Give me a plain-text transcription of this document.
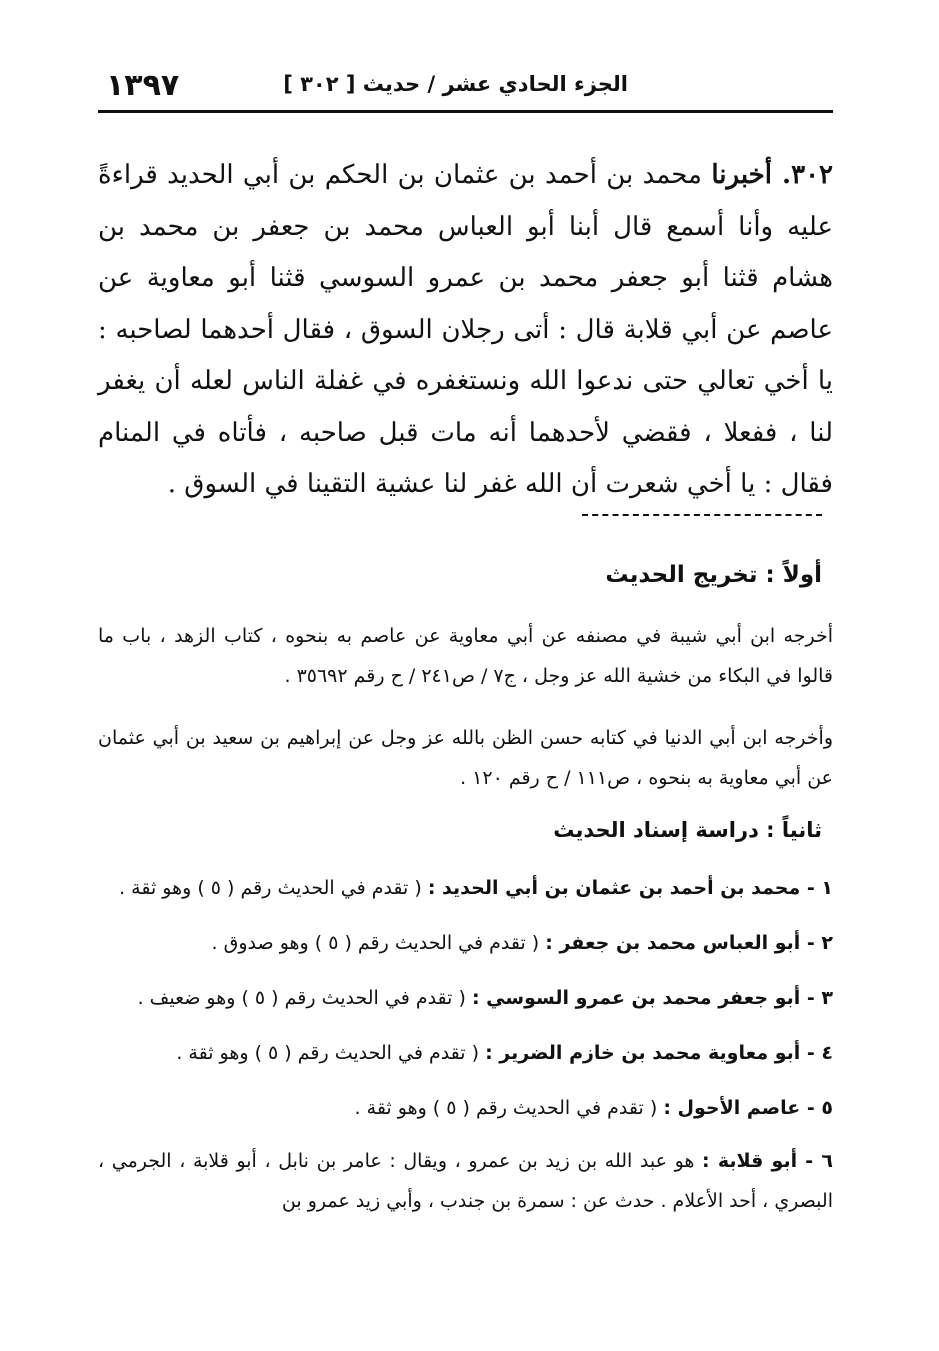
الجزء الحادي عشر / حديث [ ٣٠٢ ]
١٣٩٧

٣٠٢. أخبرنا محمد بن أحمد بن عثمان بن الحكم بن أبي الحديد قراءةً عليه وأنا أسمع قال أبنا أبو العباس محمد بن جعفر بن محمد بن هشام قثنا أبو جعفر محمد بن عمرو السوسي قثنا أبو معاوية عن عاصم عن أبي قلابة قال : أتى رجلان السوق ، فقال أحدهما لصاحبه : يا أخي تعالي حتى ندعوا الله ونستغفره في غفلة الناس لعله أن يغفر لنا ، ففعلا ، فقضي لأحدهما أنه مات قبل صاحبه ، فأتاه في المنام فقال : يا أخي شعرت أن الله غفر لنا عشية التقينا في السوق .

أولاً : تخريج الحديث

أخرجه ابن أبي شيبة في مصنفه عن أبي معاوية عن عاصم به بنحوه ، كتاب الزهد ، باب ما قالوا في البكاء من خشية الله عز وجل ، ج٧ / ص٢٤١ / ح رقم ٣٥٦٩٢ .

وأخرجه ابن أبي الدنيا في كتابه حسن الظن بالله عز وجل عن إبراهيم بن سعيد بن أبي عثمان عن أبي معاوية به بنحوه ، ص١١١ / ح رقم ١٢٠ .

ثانياً : دراسة إسناد الحديث
١ - محمد بن أحمد بن عثمان بن أبي الحديد : ( تقدم في الحديث رقم ( ٥ ) وهو ثقة .
٢ - أبو العباس محمد بن جعفر : ( تقدم في الحديث رقم ( ٥ ) وهو صدوق .
٣ - أبو جعفر محمد بن عمرو السوسي : ( تقدم في الحديث رقم ( ٥ ) وهو ضعيف .
٤ - أبو معاوية محمد بن خازم الضرير : ( تقدم في الحديث رقم ( ٥ ) وهو ثقة .
٥ - عاصم الأحول : ( تقدم في الحديث رقم ( ٥ ) وهو ثقة .
٦ - أبو قلابة : هو عبد الله بن زيد بن عمرو ، ويقال : عامر بن نابل ، أبو قلابة ، الجرمي ، البصري ، أحد الأعلام . حدث عن : سمرة بن جندب ، وأبي زيد عمرو بن
